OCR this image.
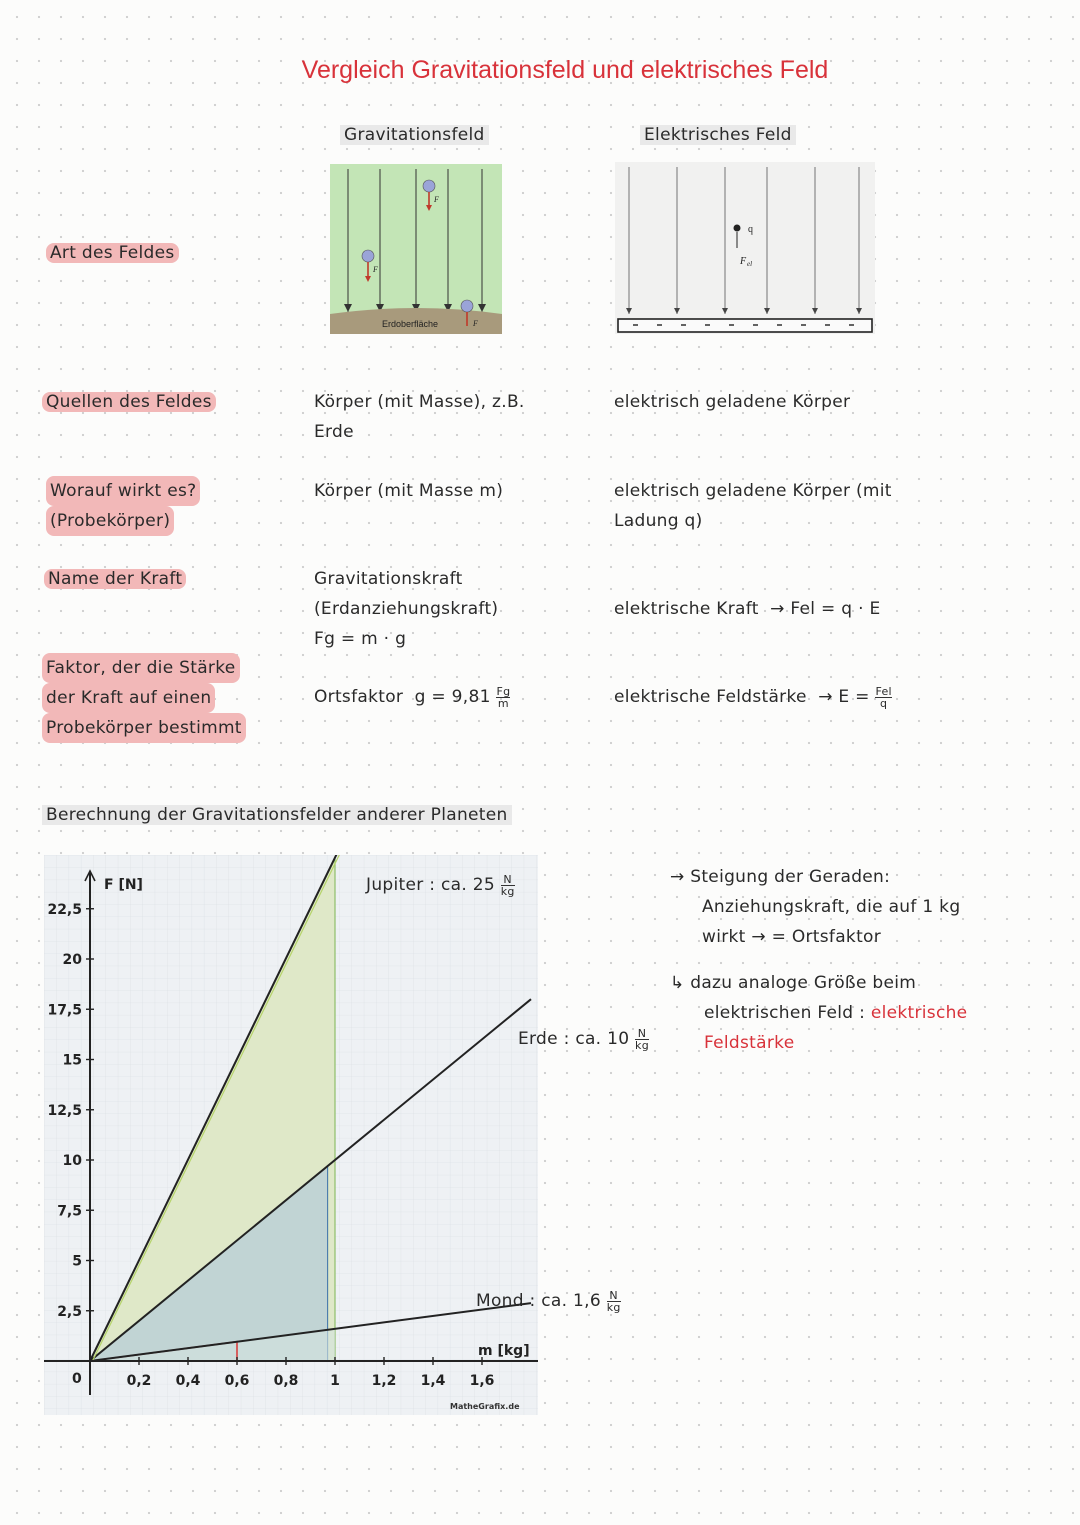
Vergleich Gravitationsfeld und elektrisches Feld
Gravitationsfeld	Elektrisches Feld
Erdoberfläche
F
F
F
q
F el
Art des Feldes
Quellen des Feldes
Worauf wirkt es?
(Probekörper)
Name der Kraft
Faktor, der die Stärke
der Kraft auf einen
Probekörper bestimmt
Körper (mit Masse), z.B.
Erde
Körper (mit Masse m)
Gravitationskraft
(Erdanziehungskraft)
Fg = m · g
Ortsfaktor $g = 9,81 \frac{Fg}{m}$
elektrisch geladene Körper
elektrisch geladene Körper (mit
Ladung q)
elektrische Kraft → Fel = q · E
elektrische Feldstärke → $E = \frac{\text{Fel}}{q}$
Berechnung der Gravitationsfelder anderer Planeten
2,5
5
7,5
10
12,5
15
17,5
20
22,5
0,2 0,4 0,6 0,8 1 1,2 1,4 1,6
F [N]
m [kg]
0
MatheGrafix.de
Jupiter : ca. $25 \frac{N}{kg}$
Erde : ca. $10 \frac{N}{kg}$
Mond : ca. $1,6 \frac{N}{kg}$
→ Steigung der Geraden:
Anziehungskraft, die auf 1 kg
wirkt → = Ortsfaktor
↳ dazu analoge Größe beim
elektrischen Feld : elektrische
Feldstärke
